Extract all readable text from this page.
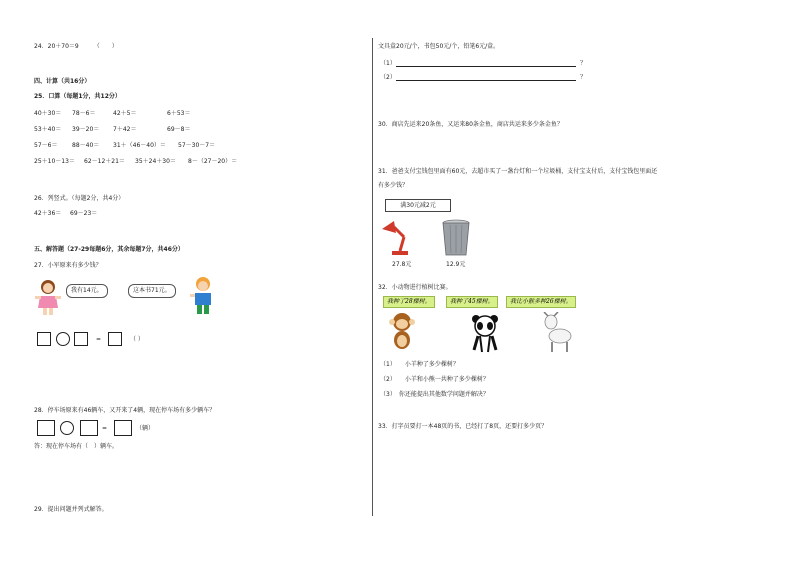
24．20＋70＝9　　　（　　）
四、计算（共16分）
25．口算（每题1分，共12分）
40＋30＝ 78－6＝	42＋5＝	6＋53＝
53＋40＝ 39－20＝ 7＋42＝	69－8＝
57－6＝ 88－40＝ 31＋（46－40）＝ 57－30－7＝
25＋10－13＝ 62－12＋21＝ 35＋24＋30＝ 8－（27－20）＝
26．列竖式。（每题2分，共4分）
42＋36＝ 69－23＝
五、解答题（27-29每题6分，其余每题7分，共46分）
27．小军原来有多少钱？
我有14元。	这本书71元。
=	（ ）
28．停车场原来有46辆车，又开来了4辆，现在停车场有多少辆车？
=	（辆）
答：现在停车场有（　）辆车。
29．提出问题并列式解答。
文具盒20元/个，书包50元/个，铅笔6元/盒。
（1）	？
（2）	？
30．商店先运来20条鱼，又运来80条金鱼，商店共运来多少条金鱼？
31．爸爸支付宝钱包里面有60元，去超市买了一盏台灯和一个垃圾桶，支付宝支付后，支付宝钱包里面还
有多少钱？
满30元减2元
27.8元	12.9元
32．小动物进行植树比赛。
我种了28棵树。	我种了45棵树。	我比小猴多种26棵树。
（1）　　小羊种了多少棵树？
（2）　　小羊和小熊一共种了多少棵树？
（3）　你还能提出其他数学问题并解决？
33．打字员要打一本48页的书，已经打了8页，还要打多少页？
